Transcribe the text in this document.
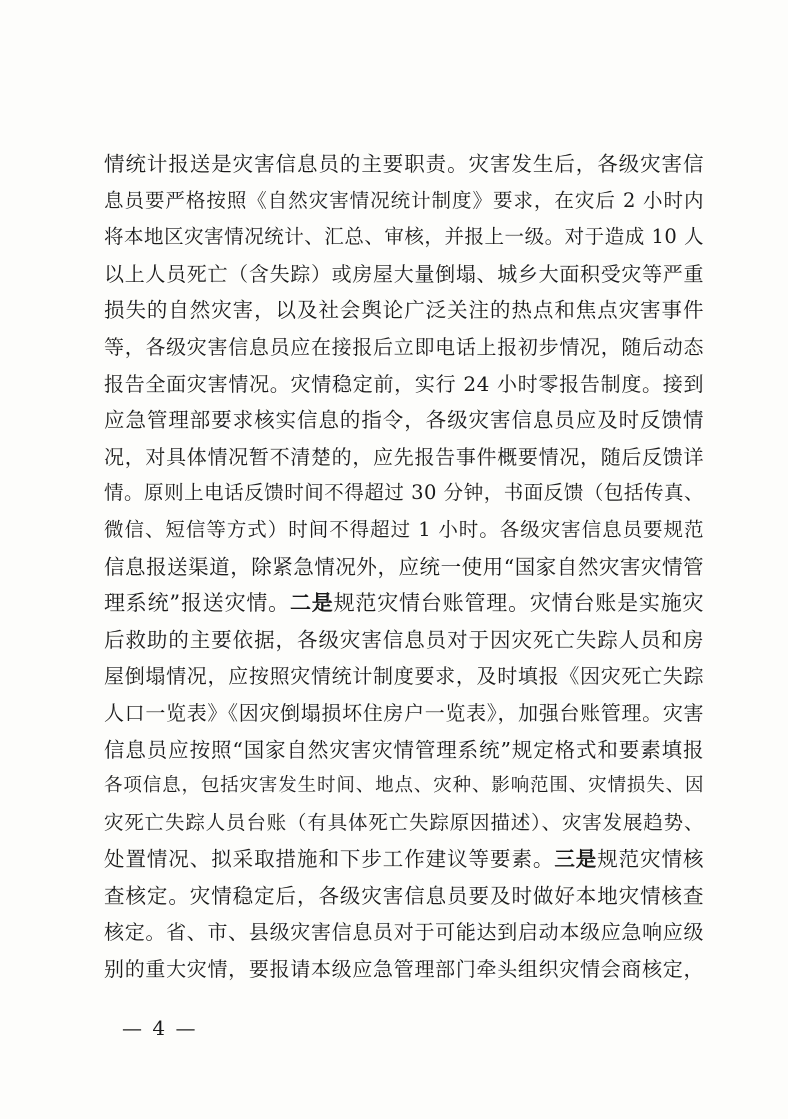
情统计报送是灾害信息员的主要职责。灾害发生后，各级灾害信
息员要严格按照《自然灾害情况统计制度》要求，在灾后 2 小时内
将本地区灾害情况统计、汇总、审核，并报上一级。对于造成 10 人
以上人员死亡（含失踪）或房屋大量倒塌、城乡大面积受灾等严重
损失的自然灾害，以及社会舆论广泛关注的热点和焦点灾害事件
等，各级灾害信息员应在接报后立即电话上报初步情况，随后动态
报告全面灾害情况。灾情稳定前，实行 24 小时零报告制度。接到
应急管理部要求核实信息的指令，各级灾害信息员应及时反馈情
况，对具体情况暂不清楚的，应先报告事件概要情况，随后反馈详
情。原则上电话反馈时间不得超过 30 分钟，书面反馈（包括传真、
微信、短信等方式）时间不得超过 1 小时。各级灾害信息员要规范
信息报送渠道，除紧急情况外，应统一使用“国家自然灾害灾情管
理系统”报送灾情。二是规范灾情台账管理。灾情台账是实施灾
后救助的主要依据，各级灾害信息员对于因灾死亡失踪人员和房
屋倒塌情况，应按照灾情统计制度要求，及时填报《因灾死亡失踪
人口一览表》《因灾倒塌损坏住房户一览表》，加强台账管理。灾害
信息员应按照“国家自然灾害灾情管理系统”规定格式和要素填报
各项信息，包括灾害发生时间、地点、灾种、影响范围、灾情损失、因
灾死亡失踪人员台账（有具体死亡失踪原因描述）、灾害发展趋势、
处置情况、拟采取措施和下步工作建议等要素。三是规范灾情核
查核定。灾情稳定后，各级灾害信息员要及时做好本地灾情核查
核定。省、市、县级灾害信息员对于可能达到启动本级应急响应级
别的重大灾情，要报请本级应急管理部门牵头组织灾情会商核定，
— 4 —
